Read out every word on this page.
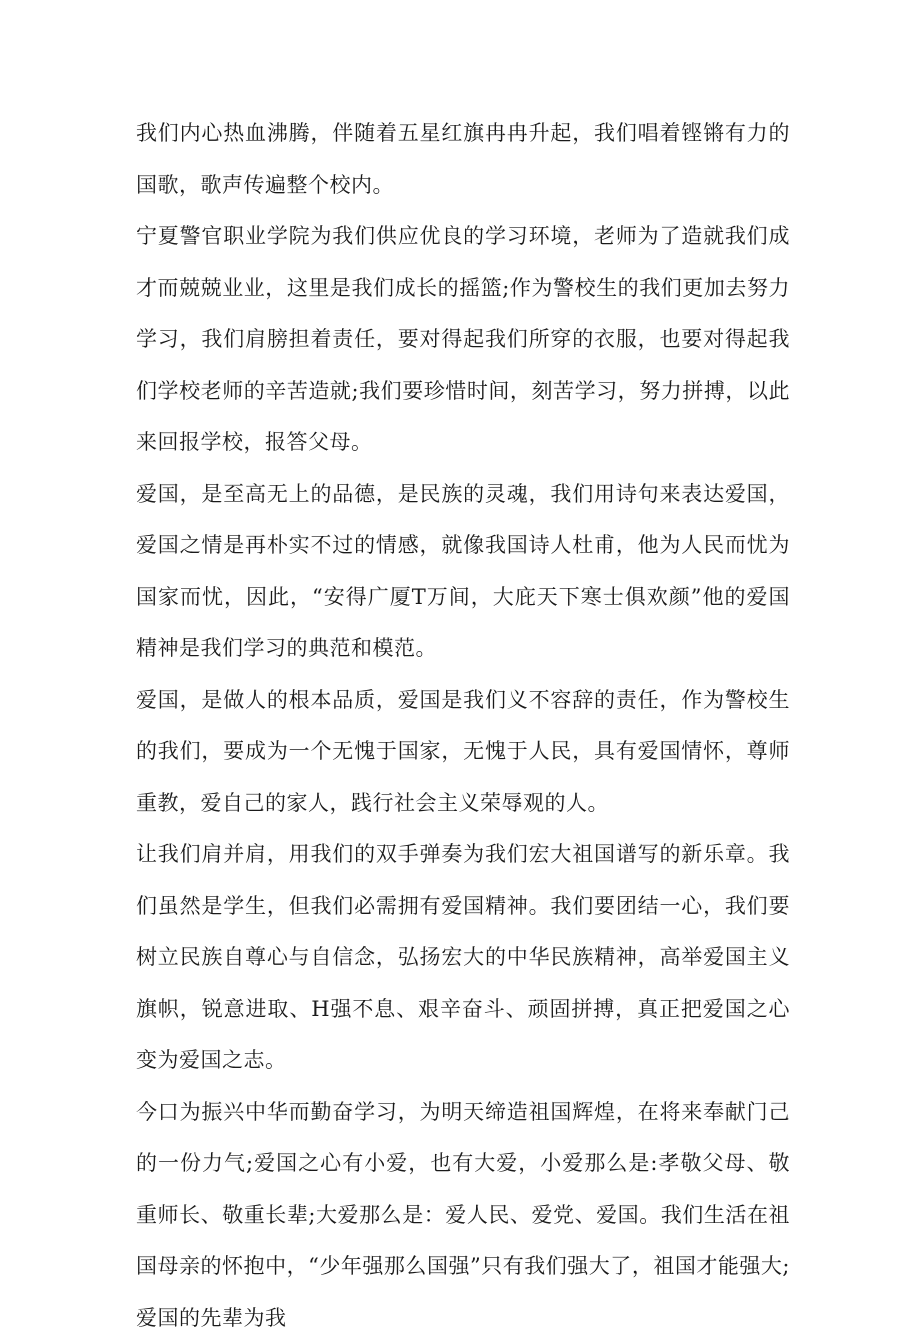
我们内心热血沸腾，伴随着五星红旗冉冉升起，我们唱着铿锵有力的国歌，歌声传遍整个校内。

宁夏警官职业学院为我们供应优良的学习环境，老师为了造就我们成才而兢兢业业，这里是我们成长的摇篮;作为警校生的我们更加去努力学习，我们肩膀担着责任，要对得起我们所穿的衣服，也要对得起我们学校老师的辛苦造就;我们要珍惜时间，刻苦学习，努力拼搏，以此来回报学校，报答父母。

爱国，是至高无上的品德，是民族的灵魂，我们用诗句来表达爱国，爱国之情是再朴实不过的情感，就像我国诗人杜甫，他为人民而忧为国家而忧，因此，“安得广厦T万间，大庇天下寒士俱欢颜”他的爱国精神是我们学习的典范和模范。

爱国，是做人的根本品质，爱国是我们义不容辞的责任，作为警校生的我们，要成为一个无愧于国家，无愧于人民，具有爱国情怀，尊师重教，爱自己的家人，践行社会主义荣辱观的人。

让我们肩并肩，用我们的双手弹奏为我们宏大祖国谱写的新乐章。我们虽然是学生，但我们必需拥有爱国精神。我们要团结一心，我们要树立民族自尊心与自信念，弘扬宏大的中华民族精神，高举爱国主义旗帜，锐意进取、H强不息、艰辛奋斗、顽固拼搏，真正把爱国之心变为爱国之志。

今口为振兴中华而勤奋学习，为明天缔造祖国辉煌，在将来奉献门己的一份力气;爱国之心有小爱，也有大爱，小爱那么是:孝敬父母、敬重师长、敬重长辈;大爱那么是：爱人民、爱党、爱国。我们生活在祖国母亲的怀抱中，“少年强那么国强”只有我们强大了，祖国才能强大;爱国的先辈为我
